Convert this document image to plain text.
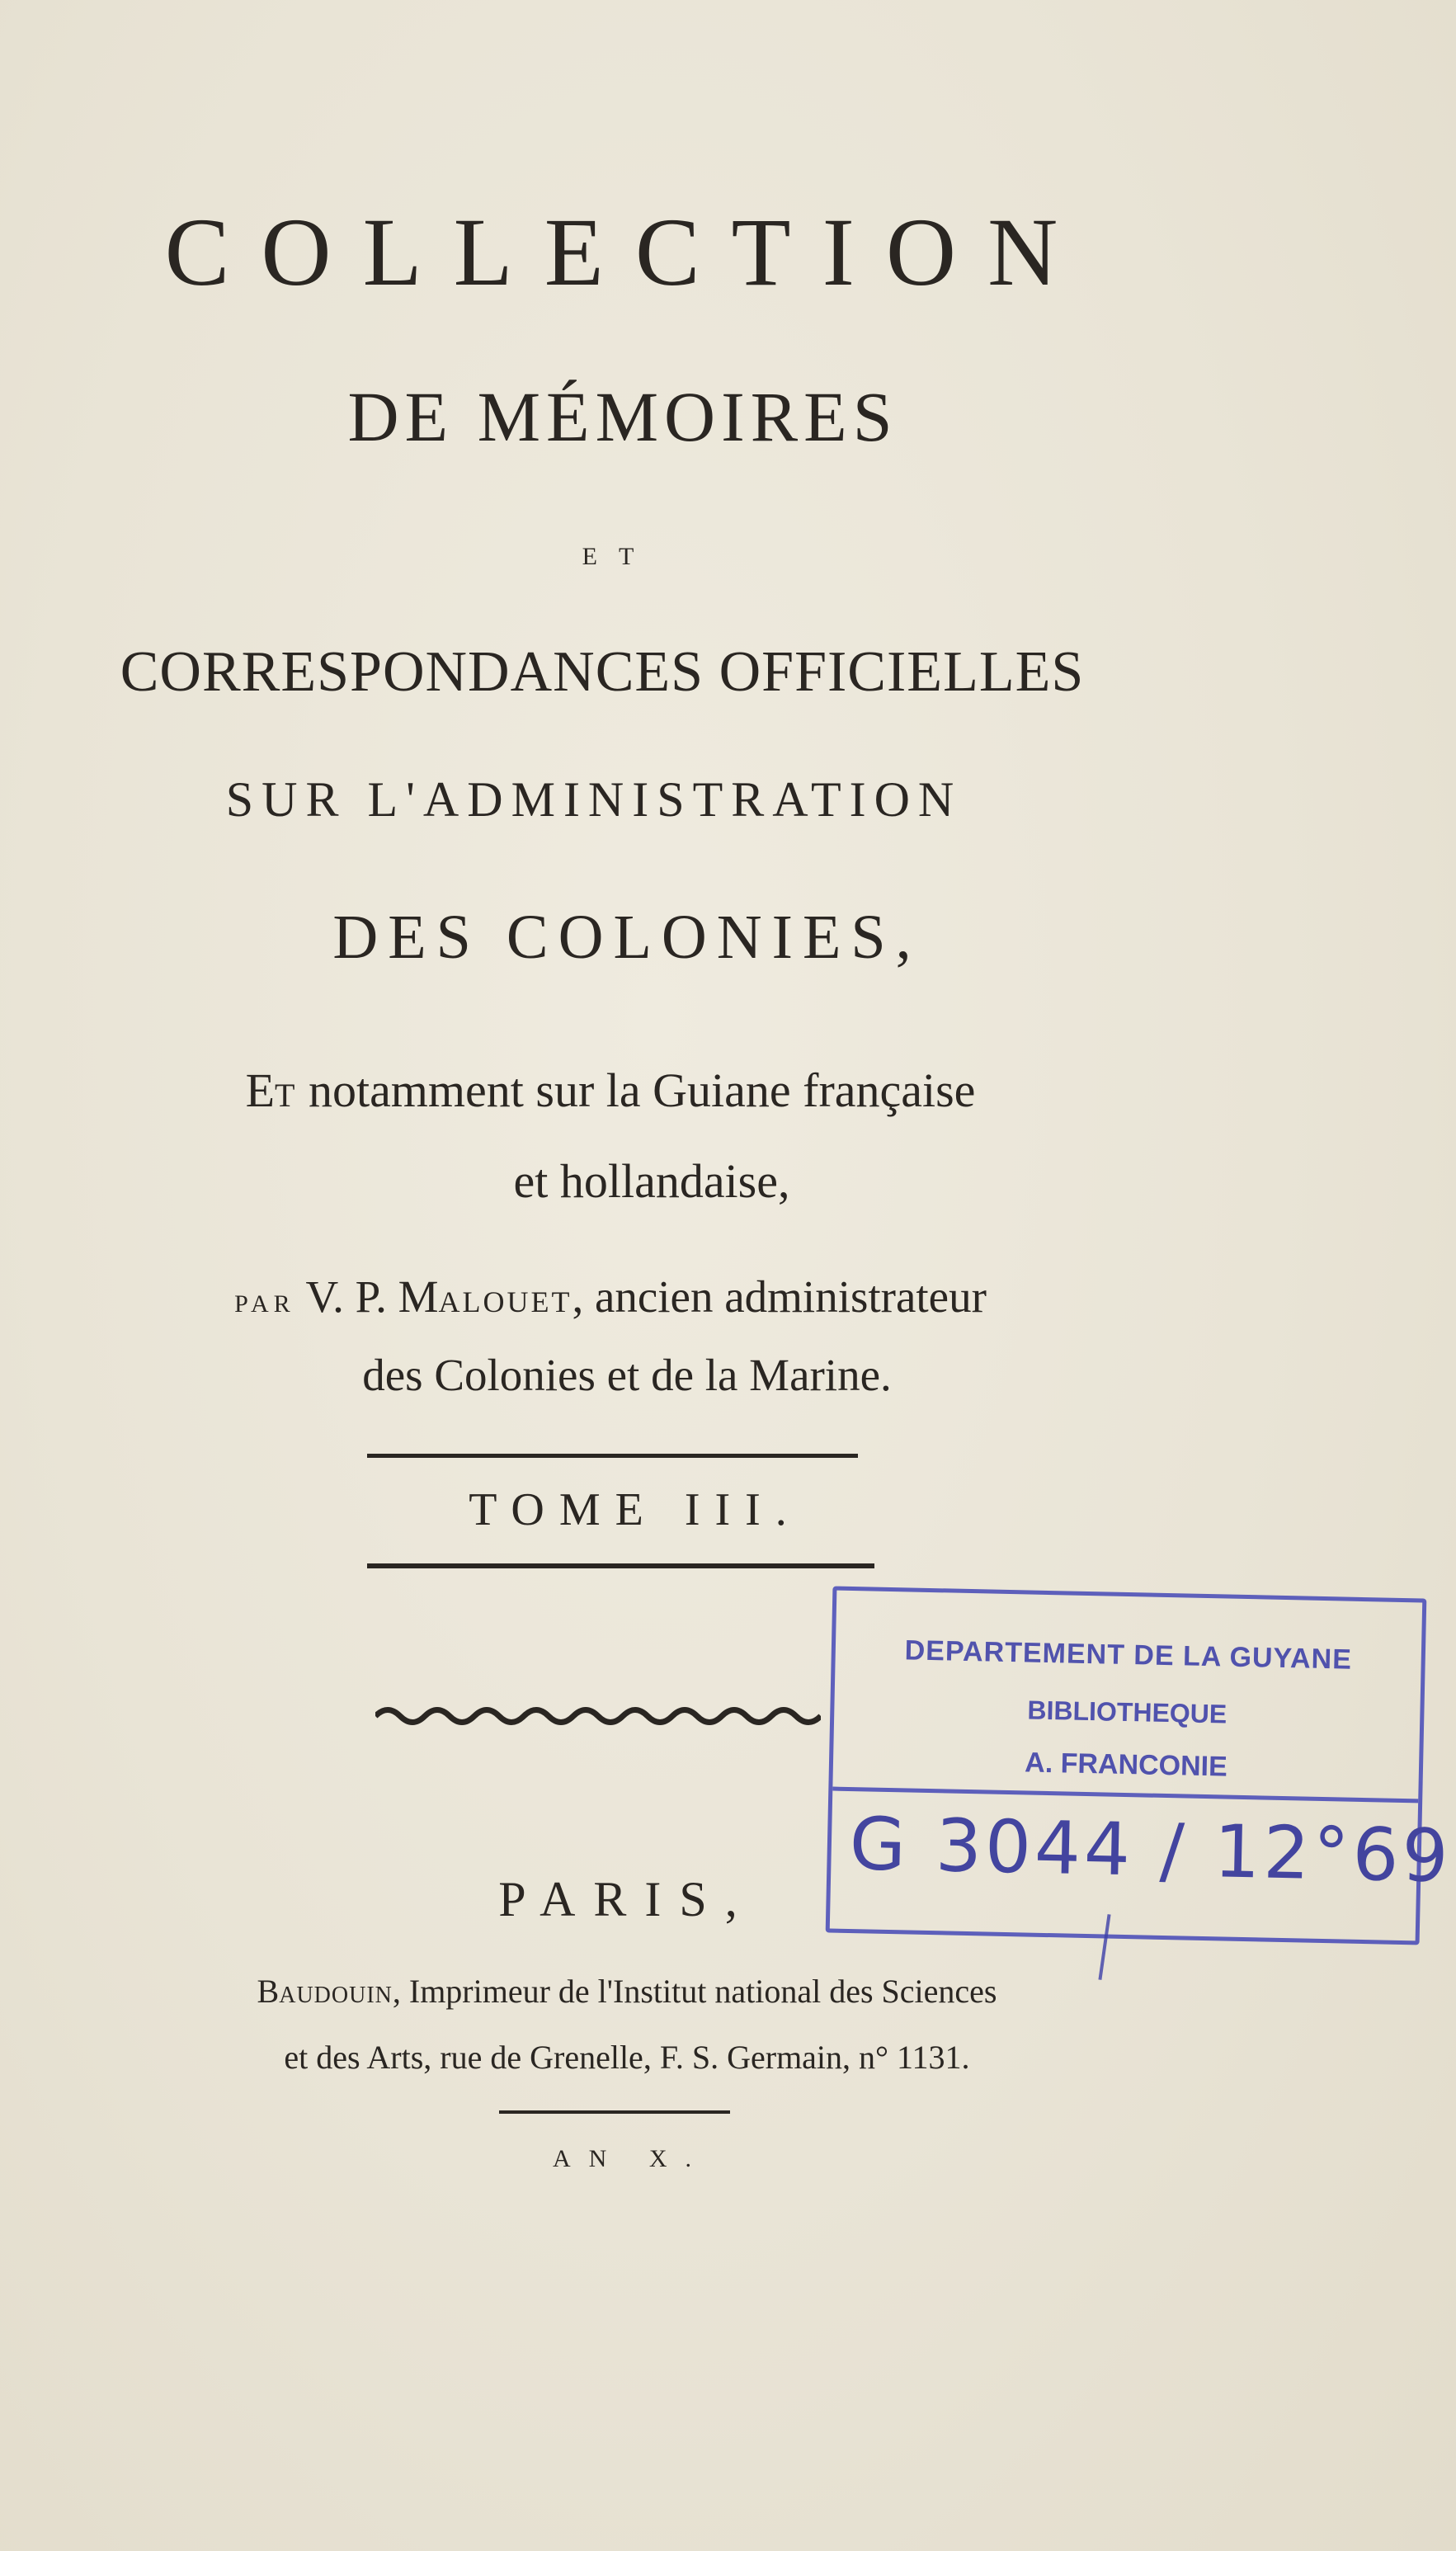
COLLECTION
DE MÉMOIRES
ET
CORRESPONDANCES OFFICIELLES
SUR L'ADMINISTRATION
DES COLONIES,
ET notamment sur la Guiane française
et hollandaise,
PAR V. P. MALOUET, ancien administrateur
des Colonies et de la Marine.
TOME III.
PARIS,
BAUDOUIN, Imprimeur de l'Institut national des Sciences
et des Arts, rue de Grenelle, F. S. Germain, n° 1131.
AN X.
DEPARTEMENT DE LA GUYANE
BIBLIOTHEQUE
A. FRANCONIE
G 3044 / 12°69
